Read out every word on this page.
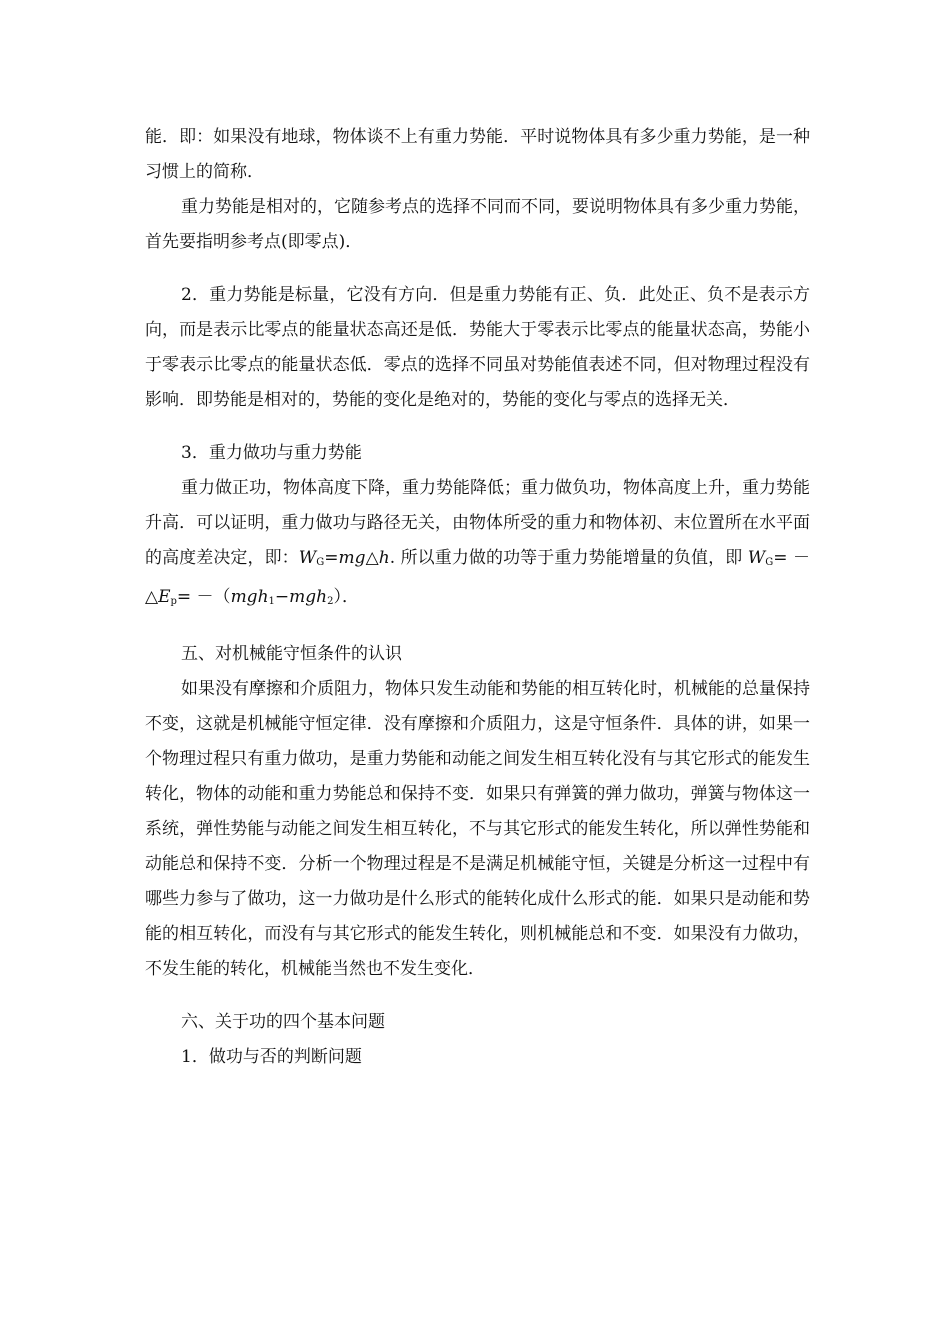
能．即：如果没有地球，物体谈不上有重力势能．平时说物体具有多少重力势能，是一种习惯上的简称．

重力势能是相对的，它随参考点的选择不同而不同，要说明物体具有多少重力势能，首先要指明参考点(即零点)．

2．重力势能是标量，它没有方向．但是重力势能有正、负．此处正、负不是表示方向，而是表示比零点的能量状态高还是低．势能大于零表示比零点的能量状态高，势能小于零表示比零点的能量状态低．零点的选择不同虽对势能值表述不同，但对物理过程没有影响．即势能是相对的，势能的变化是绝对的，势能的变化与零点的选择无关．

3．重力做功与重力势能

重力做正功，物体高度下降，重力势能降低；重力做负功，物体高度上升，重力势能升高．可以证明，重力做功与路径无关，由物体所受的重力和物体初、末位置所在水平面的高度差决定，即：$W_G=mg\triangle h$. 所以重力做的功等于重力势能增量的负值，即 $W_G=$ － $\triangle E_p= -(mgh_1-mgh_2)$．

五、对机械能守恒条件的认识

如果没有摩擦和介质阻力，物体只发生动能和势能的相互转化时，机械能的总量保持不变，这就是机械能守恒定律．没有摩擦和介质阻力，这是守恒条件．具体的讲，如果一个物理过程只有重力做功，是重力势能和动能之间发生相互转化没有与其它形式的能发生转化，物体的动能和重力势能总和保持不变．如果只有弹簧的弹力做功，弹簧与物体这一系统，弹性势能与动能之间发生相互转化，不与其它形式的能发生转化，所以弹性势能和动能总和保持不变．分析一个物理过程是不是满足机械能守恒，关键是分析这一过程中有哪些力参与了做功，这一力做功是什么形式的能转化成什么形式的能．如果只是动能和势能的相互转化，而没有与其它形式的能发生转化，则机械能总和不变．如果没有力做功，不发生能的转化，机械能当然也不发生变化．

六、关于功的四个基本问题

1．做功与否的判断问题
